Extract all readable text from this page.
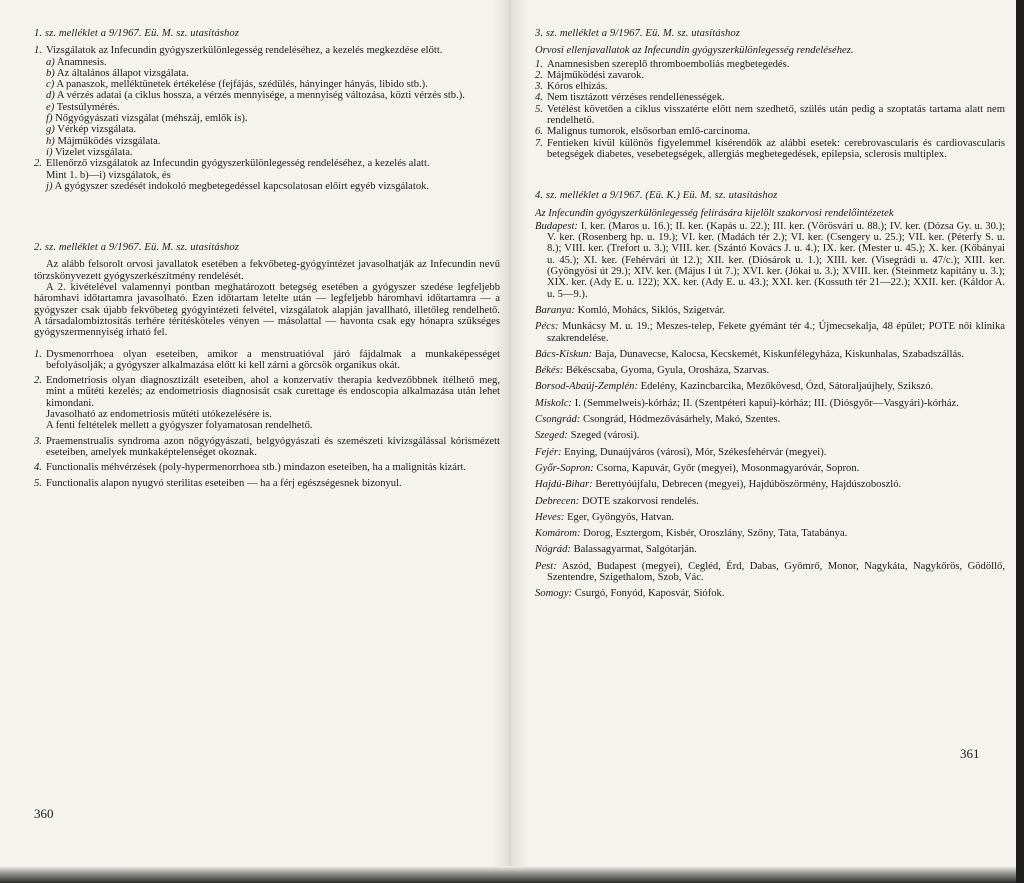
1. sz. melléklet a 9/1967. Eü. M. sz. utasításhoz

1. Vizsgálatok az Infecundin gyógyszerkülönlegesség rendeléséhez, a kezelés megkezdése előtt.

a) Anamnesis.

b) Az általános állapot vizsgálata.

c) A panaszok, melléktünetek értékelése (fejfájás, szédülés, hányinger hányás, libido stb.).

d) A vérzés adatai (a ciklus hossza, a vérzés mennyisége, a mennyiség változása, közti vérzés stb.).

e) Testsúlymérés.

f) Nőgyógyászati vizsgálat (méhszáj, emlők is).

g) Vérkép vizsgálata.

h) Májműködés vizsgálata.

i) Vizelet vizsgálata.

2. Ellenőrző vizsgálatok az Infecundin gyógyszerkülönlegesség rendeléséhez, a kezelés alatt.

Mint 1. b)—i) vizsgálatok, és

j) A gyógyszer szedését indokoló megbetegedéssel kapcsolatosan előírt egyéb vizsgálatok.

2. sz. melléklet a 9/1967. Eü. M. sz. utasításhoz

Az alább felsorolt orvosi javallatok esetében a fekvőbeteg-gyógyintézet javasolhatják az Infecundin nevű törzskönyvezett gyógyszerkészítmény rendelését.

A 2. kivételével valamennyi pontban meghatározott betegség esetében a gyógyszer szedése legfeljebb háromhavi időtartamra javasolható. Ezen időtartam letelte után — legfeljebb háromhavi időtartamra — a gyógyszer csak újabb fekvőbeteg gyógyintézeti felvétel, vizsgálatok alapján javallható, illetőleg rendelhető. A társadalombiztosítás terhére térítésköteles vényen — másolattal — havonta csak egy hónapra szükséges gyógyszermennyiség írható fel.

1. Dysmenorrhoea olyan eseteiben, amikor a menstruatióval járó fájdalmak a munkaképességet befolyásolják; a gyógyszer alkalmazása előtt ki kell zárni a görcsök organikus okát.
2. Endometriosis olyan diagnosztizált eseteiben, ahol a konzervatív therapia kedvezőbbnek ítélhető meg, mint a műtéti kezelés; az endometriosis diagnosisát csak curettage és endoscopia alkalmazása után lehet kimondani.
Javasolható az endometriosis műtéti utókezelésére is.
A fenti feltételek mellett a gyógyszer folyamatosan rendelhető.
3. Praemenstrualis syndroma azon nőgyógyászati, belgyógyászati és szemészeti kivizsgálással kórismézett eseteiben, amelyek munkaképtelenséget okoznak.
4. Functionalis méhvérzések (poly-hypermenorrhoea stb.) mindazon eseteiben, ha a malignitás kizárt.
5. Functionalis alapon nyugvó sterilitas eseteiben — ha a férj egészségesnek bizonyul.
360

3. sz. melléklet a 9/1967. Eü. M. sz. utasításhoz

Orvosi ellenjavallatok az Infecundin gyógyszerkülönlegesség rendeléséhez.

1. Anamnesisben szereplő thromboemboliás megbetegedés.
2. Májműködési zavarok.
3. Kóros elhízás.
4. Nem tisztázott vérzéses rendellenességek.
5. Vetélést követően a ciklus visszatérte előtt nem szedhető, szülés után pedig a szoptatás tartama alatt nem rendelhető.
6. Malignus tumorok, elsősorban emlő-carcinoma.
7. Fentieken kívül különös figyelemmel kísérendők az alábbi esetek: cerebrovascularis és cardiovascularis betegségek diabetes, vesebetegségek, allergiás megbetegedések, epilepsia, sclerosis multiplex.

4. sz. melléklet a 9/1967. (Eü. K.) Eü. M. sz. utasításhoz

Az Infecundin gyógyszerkülönlegesség felírására kijelölt szakorvosi rendelőintézetek

Budapest: I. ker. (Maros u. 16.); II. ker. (Kapás u. 22.); III. ker. (Vörösvári u. 88.); IV. ker. (Dózsa Gy. u. 30.); V. ker. (Rosenberg hp. u. 19.); VI. ker. (Madách tér 2.); VI. ker. (Csengery u. 25.); VII. ker. (Péterfy S. u. 8.); VIII. ker. (Trefort u. 3.); VIII. ker. (Szántó Kovács J. u. 4.); IX. ker. (Mester u. 45.); X. ker. (Kőbányai u. 45.); XI. ker. (Fehérvári út 12.); XII. ker. (Diósárok u. 1.); XIII. ker. (Visegrádi u. 47/c.); XIII. ker. (Gyöngyösi út 29.); XIV. ker. (Május I út 7.); XVI. ker. (Jókai u. 3.); XVIII. ker. (Steinmetz kapitány u. 3.); XIX. ker. (Ady E. u. 122); XX. ker. (Ady E. u. 43.); XXI. ker. (Kossuth tér 21—22.); XXII. ker. (Káldor A. u. 5—9.).

Baranya: Komló, Mohács, Siklós, Szigetvár.

Pécs: Munkácsy M. u. 19.; Meszes-telep, Fekete gyémánt tér 4.; Újmecsekalja, 48 épület; POTE női klinika szakrendelése.

Bács-Kiskun: Baja, Dunavecse, Kalocsa, Kecskemét, Kiskunfélegyháza, Kiskunhalas, Szabadszállás.

Békés: Békéscsaba, Gyoma, Gyula, Orosháza, Szarvas.

Borsod-Abaúj-Zemplén: Edelény, Kazincbarcika, Mezőkövesd, Ózd, Sátoraljaújhely, Szikszó.

Miskolc: I. (Semmelweis)-kórház; II. (Szentpéteri kapui)-kórház; III. (Diósgyőr—Vasgyári)-kórház.

Csongrád: Csongrád, Hódmezővásárhely, Makó, Szentes.

Szeged: Szeged (városi).

Fejér: Enying, Dunaújváros (városi), Mór, Székesfehérvár (megyei).

Győr-Sopron: Csorna, Kapuvár, Győr (megyei), Mosonmagyaróvár, Sopron.

Hajdú-Bihar: Berettyóújfalu, Debrecen (megyei), Hajdúböszörmény, Hajdúszoboszló.

Debrecen: DOTE szakorvosi rendelés.

Heves: Eger, Gyöngyös, Hatvan.

Komárom: Dorog, Esztergom, Kisbér, Oroszlány, Szőny, Tata, Tatabánya.

Nógrád: Balassagyarmat, Salgótarján.

Pest: Aszód, Budapest (megyei), Cegléd, Érd, Dabas, Gyömrő, Monor, Nagykáta, Nagykőrös, Gödöllő, Szentendre, Szigethalom, Szob, Vác.

Somogy: Csurgó, Fonyód, Kaposvár, Siófok.

361
